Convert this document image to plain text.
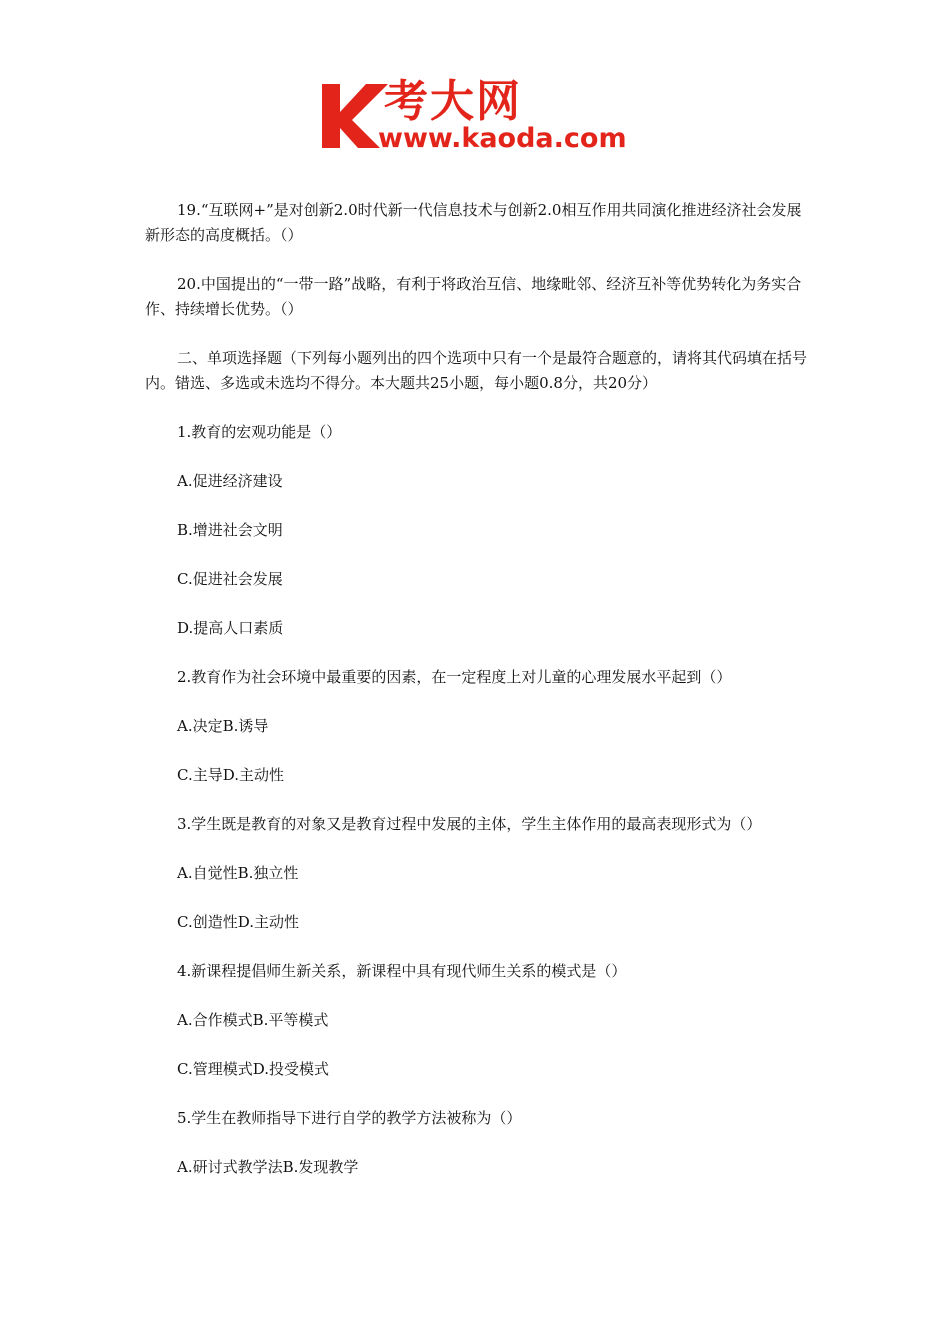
考大网
www.kaoda.com

19.“互联网+”是对创新2.0时代新一代信息技术与创新2.0相互作用共同演化推进经济社会发展新形态的高度概括。（）

20.中国提出的“一带一路”战略，有利于将政治互信、地缘毗邻、经济互补等优势转化为务实合作、持续增长优势。（）

二、单项选择题（下列每小题列出的四个选项中只有一个是最符合题意的，请将其代码填在括号内。错选、多选或未选均不得分。本大题共25小题，每小题0.8分，共20分）

1.教育的宏观功能是（）

A.促进经济建设

B.增进社会文明

C.促进社会发展

D.提高人口素质

2.教育作为社会环境中最重要的因素，在一定程度上对儿童的心理发展水平起到（）

A.决定B.诱导

C.主导D.主动性

3.学生既是教育的对象又是教育过程中发展的主体，学生主体作用的最高表现形式为（）

A.自觉性B.独立性

C.创造性D.主动性

4.新课程提倡师生新关系，新课程中具有现代师生关系的模式是（）

A.合作模式B.平等模式

C.管理模式D.投受模式

5.学生在教师指导下进行自学的教学方法被称为（）

A.研讨式教学法B.发现教学
